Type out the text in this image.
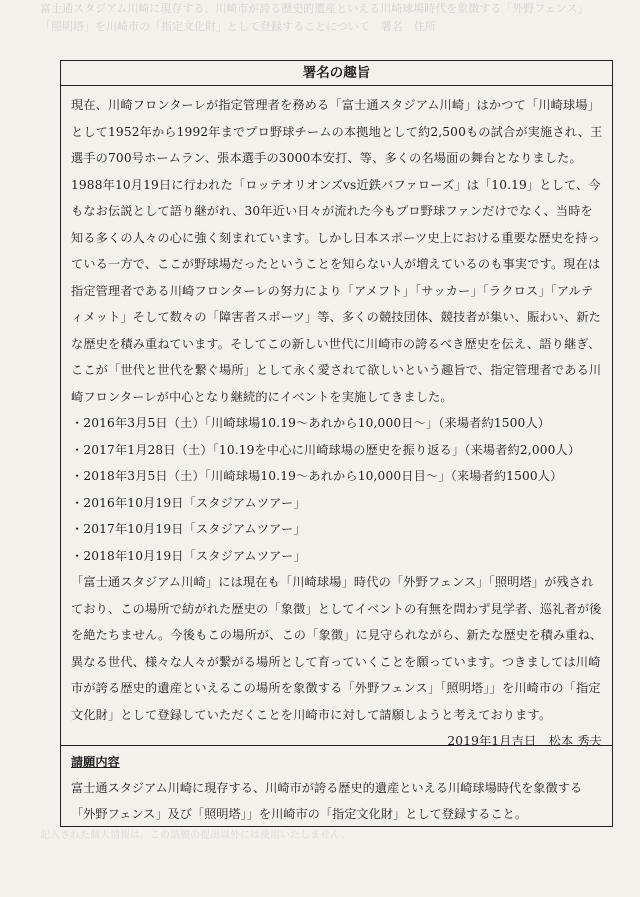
富士通スタジアム川崎に現存する、川崎市が誇る歴史的遺産といえる川崎球場時代を象徴する「外野フェンス」
「照明塔」を川崎市の「指定文化財」として登録することについて　署名　住所
署名の趣旨

現在、川崎フロンターレが指定管理者を務める「富士通スタジアム川崎」はかつて「川崎球場」として1952年から1992年までプロ野球チームの本拠地として約2,500もの試合が実施され、王選手の700号ホームラン、張本選手の3000本安打、等、多くの名場面の舞台となりました。1988年10月19日に行われた「ロッテオリオンズvs近鉄バファローズ」は「10.19」として、今もなお伝説として語り継がれ、30年近い日々が流れた今もプロ野球ファンだけでなく、当時を知る多くの人々の心に強く刻まれています。しかし日本スポーツ史上における重要な歴史を持っている一方で、ここが野球場だったということを知らない人が増えているのも事実です。現在は指定管理者である川崎フロンターレの努力により「アメフト」「サッカー」「ラクロス」「アルティメット」そして数々の「障害者スポーツ」等、多くの競技団体、競技者が集い、賑わい、新たな歴史を積み重ねています。そしてこの新しい世代に川崎市の誇るべき歴史を伝え、語り継ぎ、ここが「世代と世代を繋ぐ場所」として永く愛されて欲しいという趣旨で、指定管理者である川崎フロンターレが中心となり継続的にイベントを実施してきました。

・2016年3月5日（土）「川崎球場10.19〜あれから10,000日〜」（来場者約1500人）
・2017年1月28日（土）「10.19を中心に川崎球場の歴史を振り返る」（来場者約2,000人）
・2018年3月5日（土）「川崎球場10.19〜あれから10,000日目〜」（来場者約1500人）
・2016年10月19日「スタジアムツアー」
・2017年10月19日「スタジアムツアー」
・2018年10月19日「スタジアムツアー」

「富士通スタジアム川崎」には現在も「川崎球場」時代の「外野フェンス」「照明塔」が残されており、この場所で紡がれた歴史の「象徴」としてイベントの有無を問わず見学者、巡礼者が後を絶たちません。今後もこの場所が、この「象徴」に見守られながら、新たな歴史を積み重ね、異なる世代、様々な人々が繋がる場所として育っていくことを願っています。つきましては川崎市が誇る歴史的遺産といえるこの場所を象徴する「外野フェンス」「照明塔」」を川崎市の「指定文化財」として登録していただくことを川崎市に対して請願しようと考えております。

2019年1月吉日　松本 秀夫

請願内容

富士通スタジアム川崎に現存する、川崎市が誇る歴史的遺産といえる川崎球場時代を象徴する「外野フェンス」及び「照明塔」」を川崎市の「指定文化財」として登録すること。

記入された個人情報は、この請願の提出以外には使用いたしません。
